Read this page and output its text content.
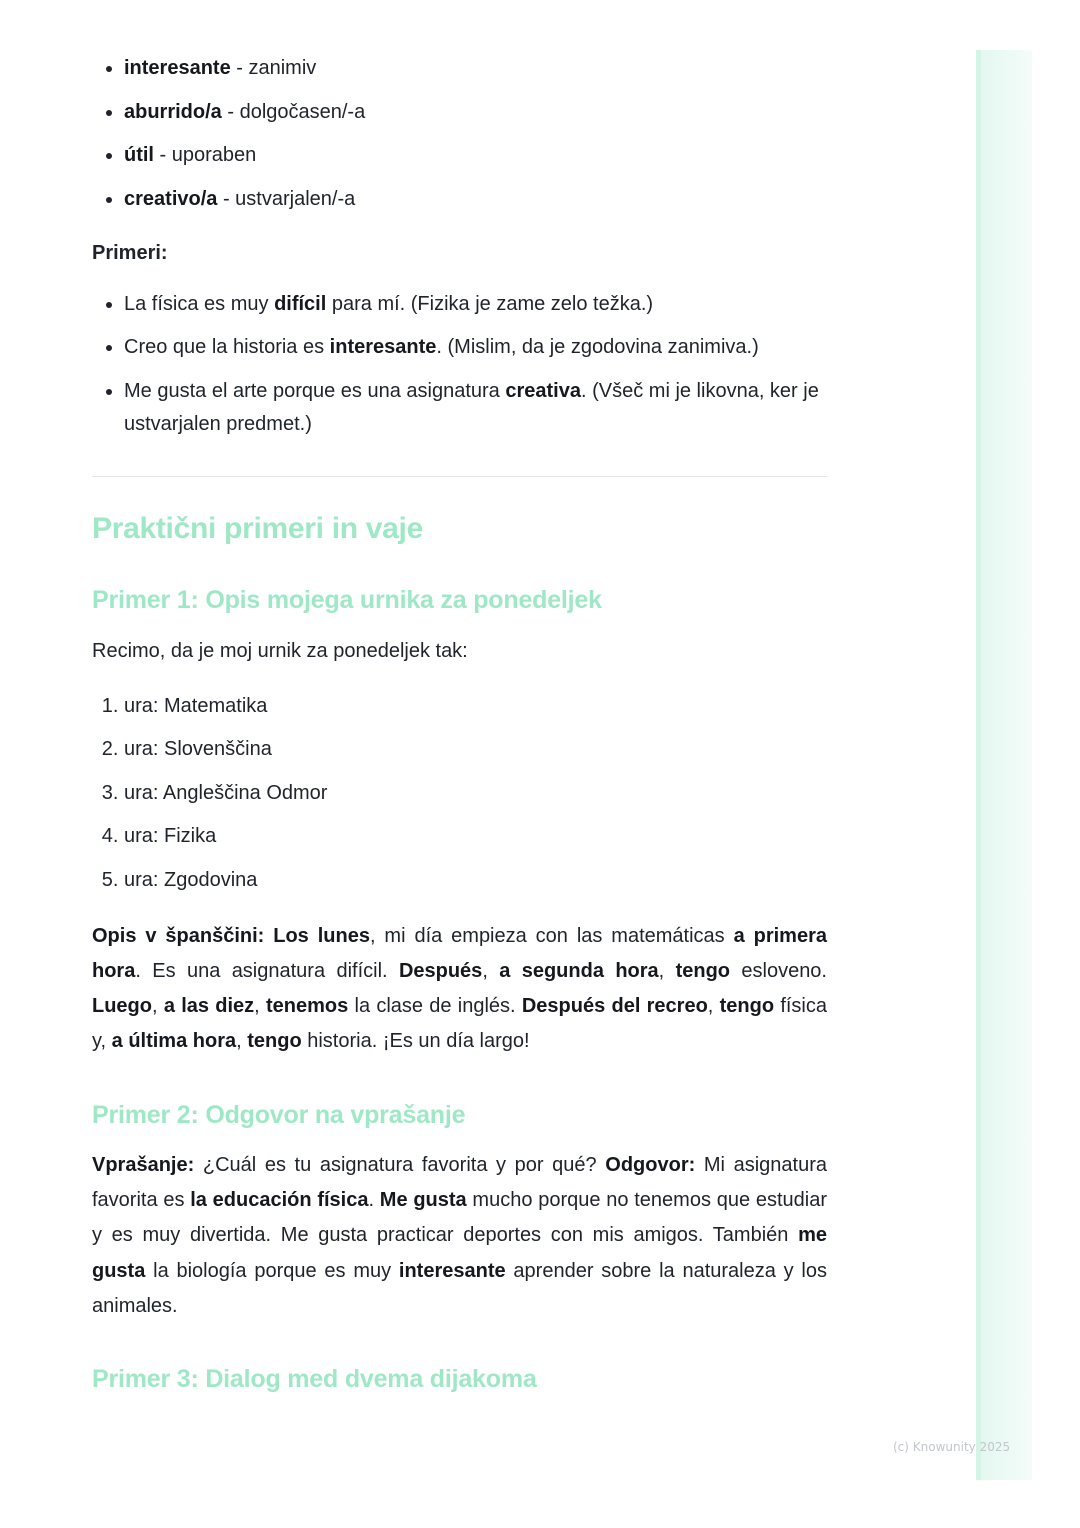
• interesante - zanimiv
• aburrido/a - dolgočasen/-a
• útil - uporaben
• creativo/a - ustvarjalen/-a
Primeri:
• La física es muy difícil para mí. (Fizika je zame zelo težka.)
• Creo que la historia es interesante. (Mislim, da je zgodovina zanimiva.)
• Me gusta el arte porque es una asignatura creativa. (Všeč mi je likovna, ker je ustvarjalen predmet.)
Praktični primeri in vaje
Primer 1: Opis mojega urnika za ponedeljek
Recimo, da je moj urnik za ponedeljek tak:
1. ura: Matematika
2. ura: Slovenščina
3. ura: Angleščina Odmor
4. ura: Fizika
5. ura: Zgodovina

Opis v španščini: Los lunes, mi día empieza con las matemáticas a primera hora. Es una asignatura difícil. Después, a segunda hora, tengo esloveno. Luego, a las diez, tenemos la clase de inglés. Después del recreo, tengo física y, a última hora, tengo historia. ¡Es un día largo!

Primer 2: Odgovor na vprašanje

Vprašanje: ¿Cuál es tu asignatura favorita y por qué? Odgovor: Mi asignatura favorita es la educación física. Me gusta mucho porque no tenemos que estudiar y es muy divertida. Me gusta practicar deportes con mis amigos. También me gusta la biología porque es muy interesante aprender sobre la naturaleza y los animales.

Primer 3: Dialog med dvema dijakoma
(c) Knowunity 2025
